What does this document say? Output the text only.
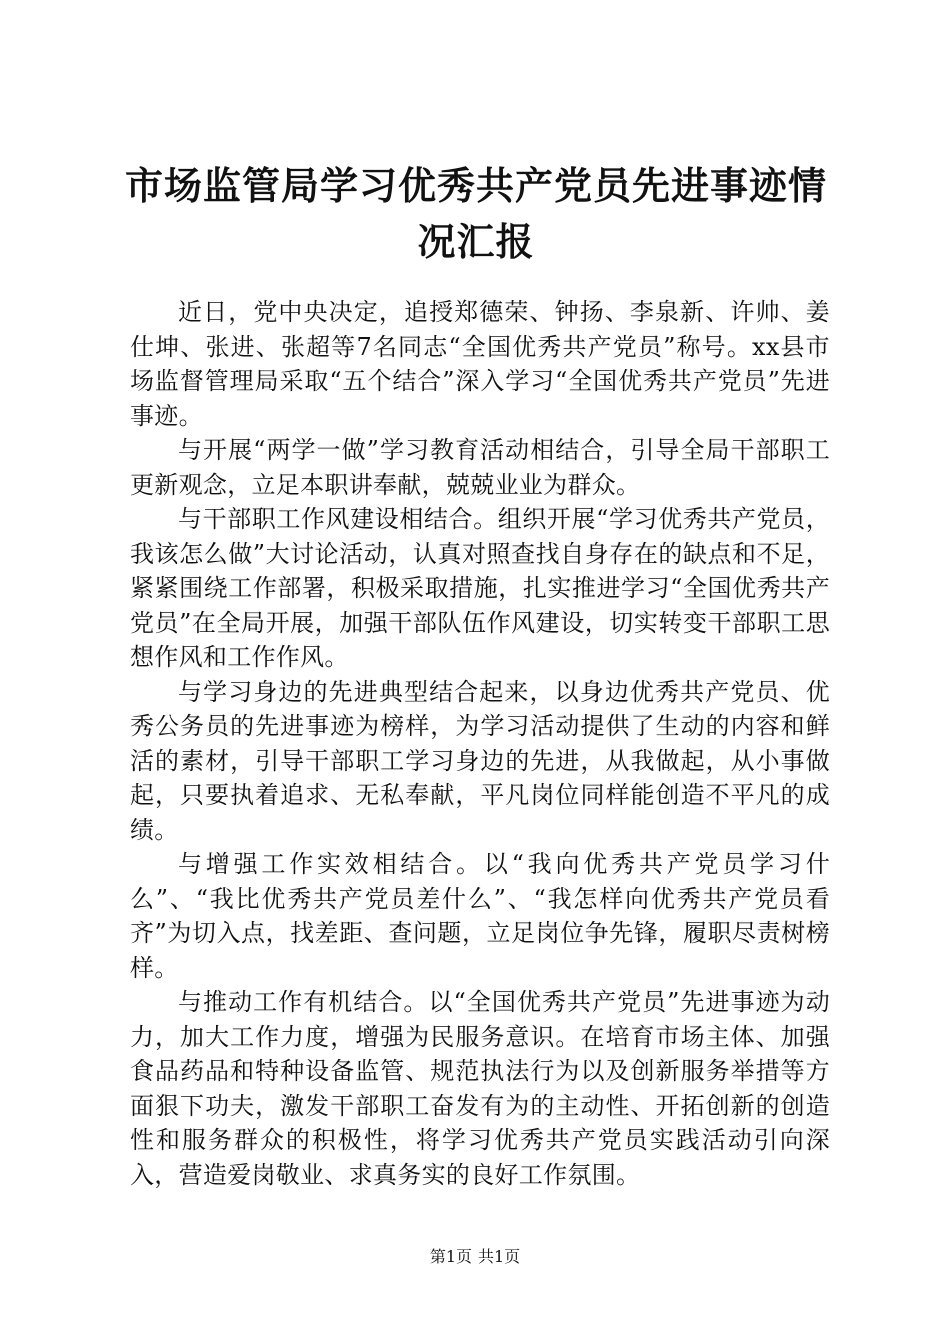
市场监管局学习优秀共产党员先进事迹情况汇报

近日，党中央决定，追授郑德荣、钟扬、李泉新、许帅、姜仕坤、张进、张超等7名同志“全国优秀共产党员”称号。xx县市场监督管理局采取“五个结合”深入学习“全国优秀共产党员”先进事迹。

与开展“两学一做”学习教育活动相结合，引导全局干部职工更新观念，立足本职讲奉献，兢兢业业为群众。

与干部职工作风建设相结合。组织开展“学习优秀共产党员，我该怎么做”大讨论活动，认真对照查找自身存在的缺点和不足，紧紧围绕工作部署，积极采取措施，扎实推进学习“全国优秀共产党员”在全局开展，加强干部队伍作风建设，切实转变干部职工思想作风和工作作风。

与学习身边的先进典型结合起来，以身边优秀共产党员、优秀公务员的先进事迹为榜样，为学习活动提供了生动的内容和鲜活的素材，引导干部职工学习身边的先进，从我做起，从小事做起，只要执着追求、无私奉献，平凡岗位同样能创造不平凡的成绩。

与增强工作实效相结合。以“我向优秀共产党员学习什么”、“我比优秀共产党员差什么”、“我怎样向优秀共产党员看齐”为切入点，找差距、查问题，立足岗位争先锋，履职尽责树榜样。

与推动工作有机结合。以“全国优秀共产党员”先进事迹为动力，加大工作力度，增强为民服务意识。在培育市场主体、加强食品药品和特种设备监管、规范执法行为以及创新服务举措等方面狠下功夫，激发干部职工奋发有为的主动性、开拓创新的创造性和服务群众的积极性，将学习优秀共产党员实践活动引向深入，营造爱岗敬业、求真务实的良好工作氛围。

第1页 共1页
